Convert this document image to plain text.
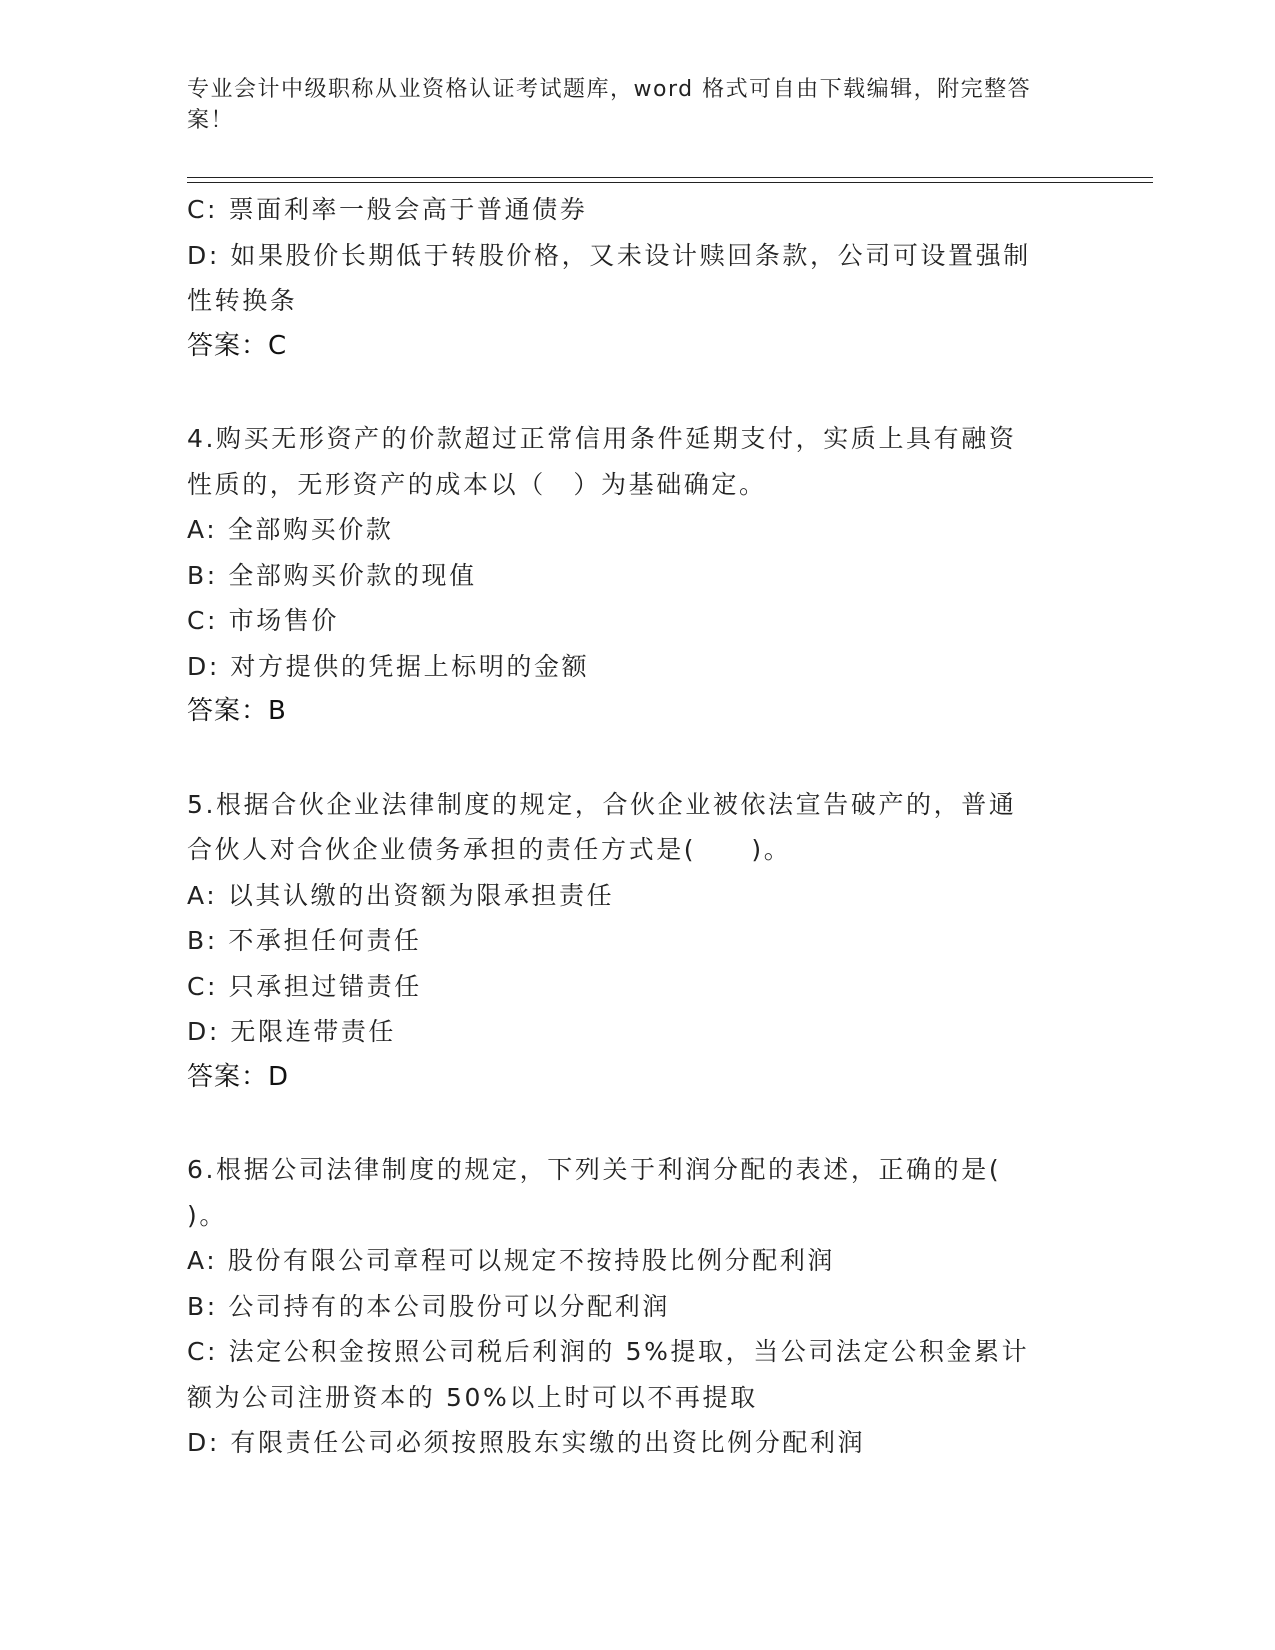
专业会计中级职称从业资格认证考试题库，word 格式可自由下载编辑，附完整答
案！
C: 票面利率一般会高于普通债券
D: 如果股价长期低于转股价格，又未设计赎回条款，公司可设置强制
性转换条
答案：C
4.购买无形资产的价款超过正常信用条件延期支付，实质上具有融资
性质的，无形资产的成本以（　）为基础确定。
A: 全部购买价款
B: 全部购买价款的现值
C: 市场售价
D: 对方提供的凭据上标明的金额
答案：B
5.根据合伙企业法律制度的规定，合伙企业被依法宣告破产的，普通
合伙人对合伙企业债务承担的责任方式是(　　)。
A: 以其认缴的出资额为限承担责任
B: 不承担任何责任
C: 只承担过错责任
D: 无限连带责任
答案：D
6.根据公司法律制度的规定，下列关于利润分配的表述，正确的是(
)。
A: 股份有限公司章程可以规定不按持股比例分配利润
B: 公司持有的本公司股份可以分配利润
C: 法定公积金按照公司税后利润的 5%提取，当公司法定公积金累计
额为公司注册资本的 50%以上时可以不再提取
D: 有限责任公司必须按照股东实缴的出资比例分配利润
